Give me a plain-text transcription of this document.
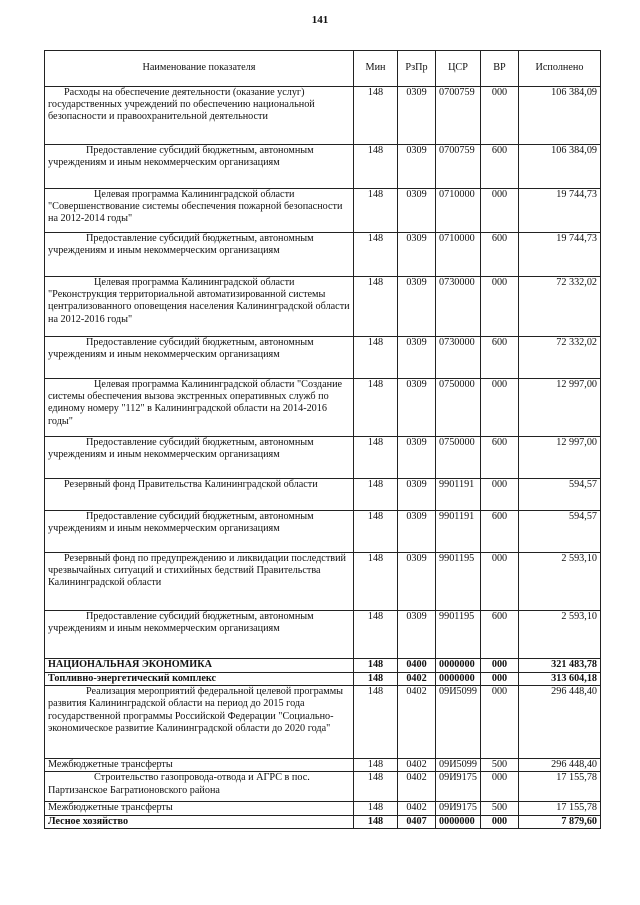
141
Наименование показателя	Мин	РзПр	ЦСР	ВР	Исполнено
Расходы на обеспечение деятельности (оказание услуг) государственных учреждений по обеспечению национальной безопасности и правоохранительной деятельности	148	0309	0700759	000	106 384,09
Предоставление субсидий бюджетным, автономным учреждениям и иным некоммерческим организациям	148	0309	0700759	600	106 384,09
Целевая программа Калининградской области "Совершенствование системы обеспечения пожарной безопасности на 2012-2014 годы"	148	0309	0710000	000	19 744,73
Предоставление субсидий бюджетным, автономным учреждениям и иным некоммерческим организациям	148	0309	0710000	600	19 744,73
Целевая программа Калининградской области "Реконструкция территориальной автоматизированной системы централизованного оповещения населения Калининградской области на 2012-2016 годы"	148	0309	0730000	000	72 332,02
Предоставление субсидий бюджетным, автономным учреждениям и иным некоммерческим организациям	148	0309	0730000	600	72 332,02
Целевая программа Калининградской области "Создание системы обеспечения вызова экстренных оперативных служб по единому номеру "112" в Калининградской области на 2014-2016 годы"	148	0309	0750000	000	12 997,00
Предоставление субсидий бюджетным, автономным учреждениям и иным некоммерческим организациям	148	0309	0750000	600	12 997,00
Резервный фонд Правительства Калининградской области	148	0309	9901191	000	594,57
Предоставление субсидий бюджетным, автономным учреждениям и иным некоммерческим организациям	148	0309	9901191	600	594,57
Резервный фонд по предупреждению и ликвидации последствий чрезвычайных ситуаций и стихийных бедствий Правительства Калининградской области	148	0309	9901195	000	2 593,10
Предоставление субсидий бюджетным, автономным учреждениям и иным некоммерческим организациям	148	0309	9901195	600	2 593,10
НАЦИОНАЛЬНАЯ ЭКОНОМИКА	148	0400	0000000	000	321 483,78
Топливно-энергетический комплекс	148	0402	0000000	000	313 604,18
Реализация мероприятий федеральной целевой программы развития Калининградской области на период до 2015 года государственной программы Российской Федерации "Социально-экономическое развитие Калининградской области до 2020 года"	148	0402	09И5099	000	296 448,40
Межбюджетные трансферты	148	0402	09И5099	500	296 448,40
Строительство газопровода-отвода и АГРС в пос. Партизанское Багратионовского района	148	0402	09И9175	000	17 155,78
Межбюджетные трансферты	148	0402	09И9175	500	17 155,78
Лесное хозяйство	148	0407	0000000	000	7 879,60
